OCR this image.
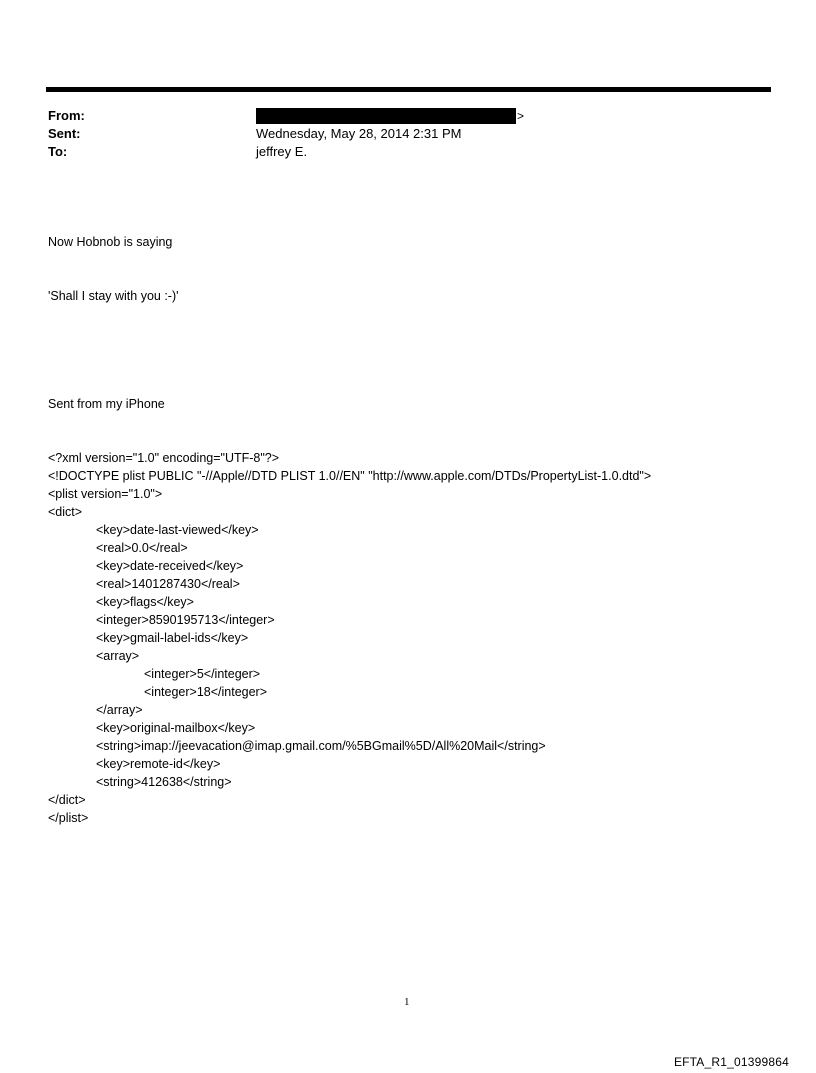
From:	>
Sent:	Wednesday, May 28, 2014 2:31 PM
To:	jeffrey E.

Now Hobnob is saying

'Shall I stay with you :-)'

Sent from my iPhone

<?xml version="1.0" encoding="UTF-8"?>
<!DOCTYPE plist PUBLIC "-//Apple//DTD PLIST 1.0//EN" "http://www.apple.com/DTDs/PropertyList-1.0.dtd">
<plist version="1.0">
<dict>
<key>date-last-viewed</key>
<real>0.0</real>
<key>date-received</key>
<real>1401287430</real>
<key>flags</key>
<integer>8590195713</integer>
<key>gmail-label-ids</key>
<array>
<integer>5</integer>
<integer>18</integer>
</array>
<key>original-mailbox</key>
<string>imap://jeevacation@imap.gmail.com/%5BGmail%5D/All%20Mail</string>
<key>remote-id</key>
<string>412638</string>
</dict>
</plist>

1
EFTA_R1_01399864
